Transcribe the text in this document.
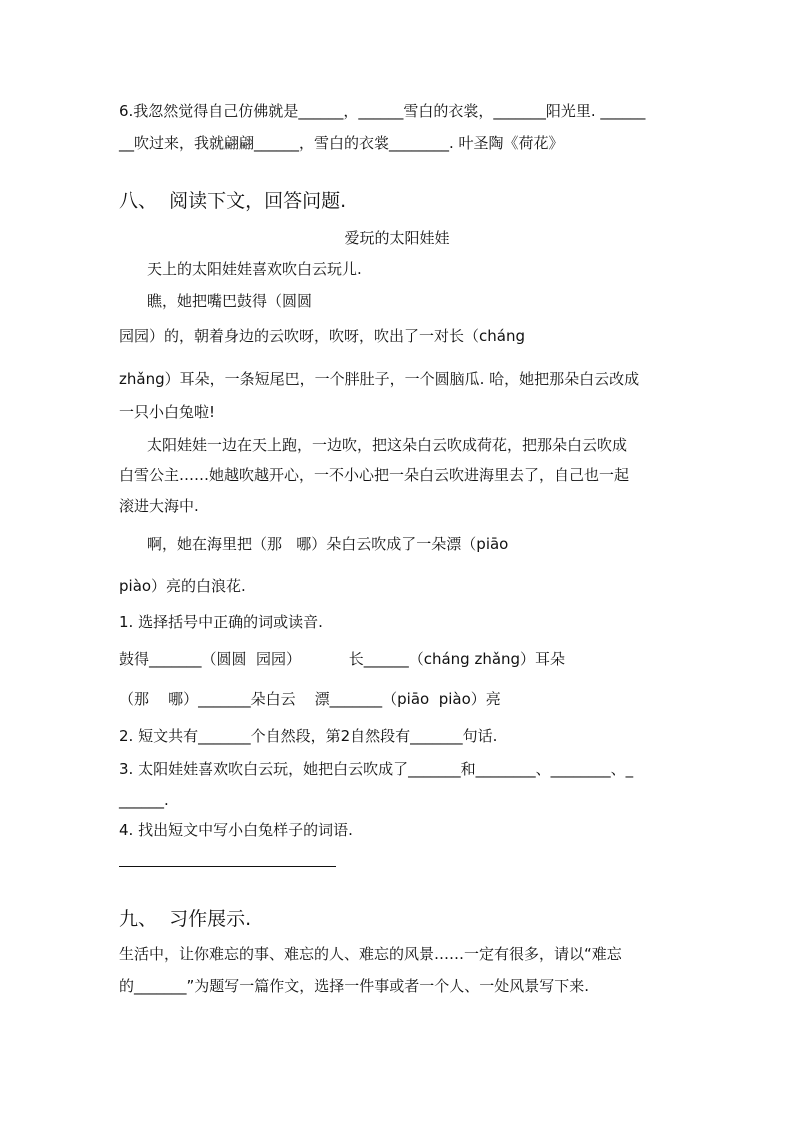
6.我忽然觉得自己仿佛就是______，______雪白的衣裳，_______阳光里. ______
__吹过来，我就翩翩______，雪白的衣裳________. 叶圣陶《荷花》
八、  阅读下文，回答问题.
爱玩的太阳娃娃
天上的太阳娃娃喜欢吹白云玩儿.
瞧，她把嘴巴鼓得（圆圆
园园）的，朝着身边的云吹呀，吹呀，吹出了一对长（cháng
zhǎng）耳朵，一条短尾巴，一个胖肚子，一个圆脑瓜. 哈，她把那朵白云改成
一只小白兔啦!
太阳娃娃一边在天上跑，一边吹，把这朵白云吹成荷花，把那朵白云吹成
白雪公主……她越吹越开心，一不小心把一朵白云吹进海里去了，自己也一起
滚进大海中.
啊，她在海里把（那   哪）朵白云吹成了一朵漂（piāo
piào）亮的白浪花.
1. 选择括号中正确的词或读音.
鼓得_______（圆圆  园园）          长______（cháng zhǎng）耳朵
（那    哪）_______朵白云    漂_______（piāo  piào）亮
2. 短文共有_______个自然段，第2自然段有_______句话.
3. 太阳娃娃喜欢吹白云玩，她把白云吹成了_______和________、________、_
______.
4. 找出短文中写小白兔样子的词语.
九、  习作展示.
生活中，让你难忘的事、难忘的人、难忘的风景……一定有很多，请以“难忘
的_______”为题写一篇作文，选择一件事或者一个人、一处风景写下来.
